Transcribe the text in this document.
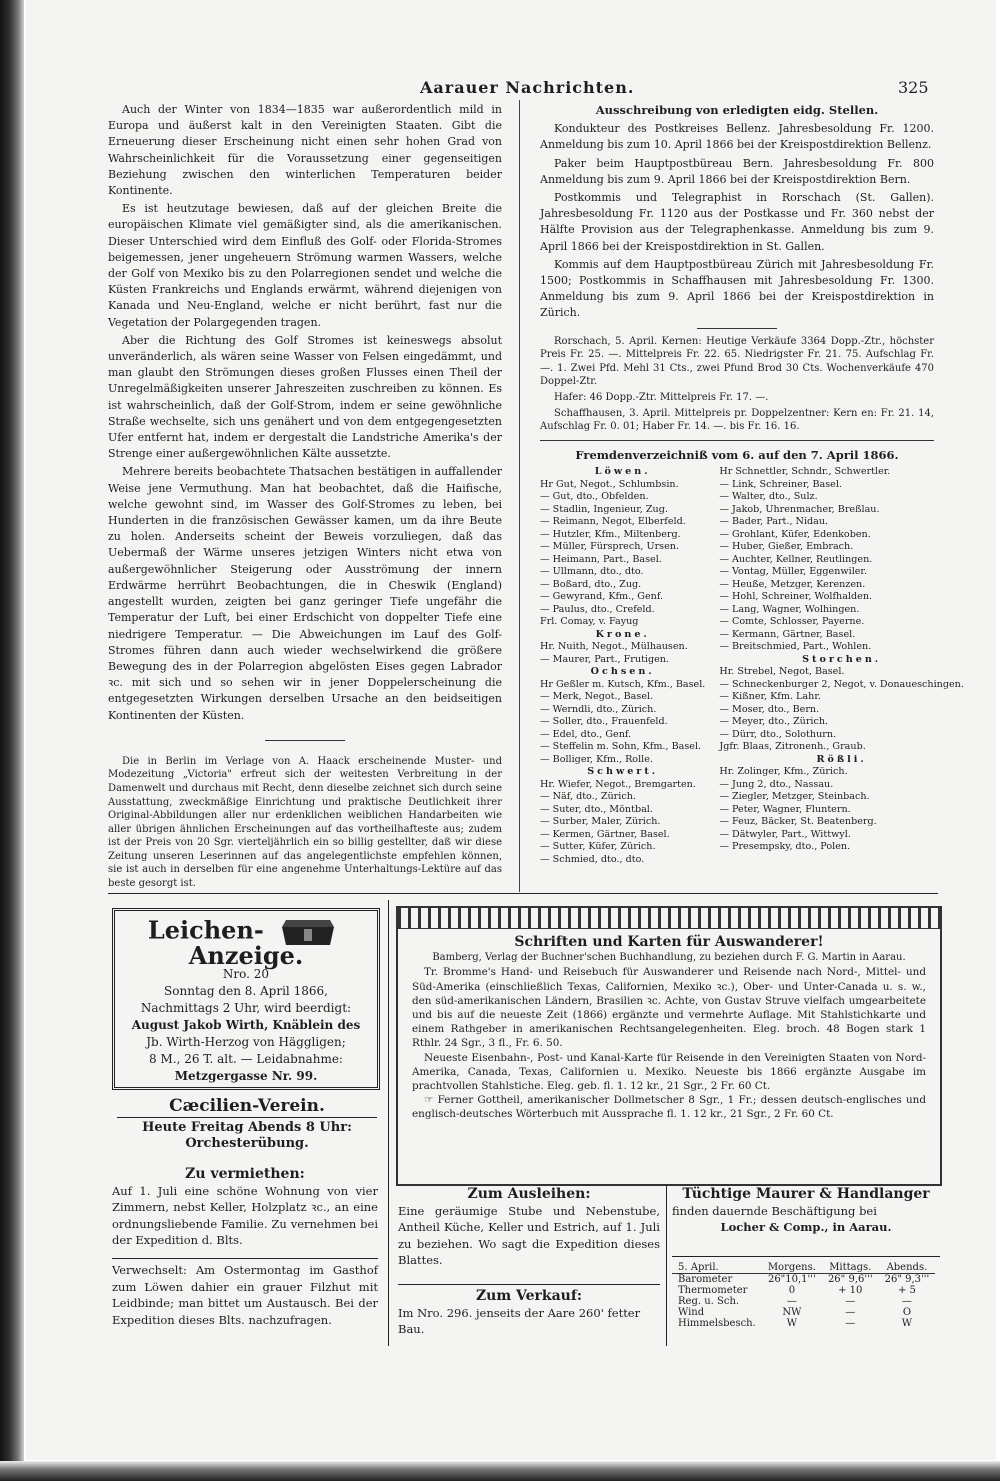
Aarauer Nachrichten.	325

Auch der Winter von 1834—1835 war außerordentlich mild in Europa und äußerst kalt in den Vereinigten Staaten. Gibt die Erneuerung dieser Erscheinung nicht einen sehr hohen Grad von Wahrscheinlichkeit für die Voraussetzung einer gegenseitigen Beziehung zwischen den winterlichen Temperaturen beider Kontinente.

Es ist heutzutage bewiesen, daß auf der gleichen Breite die europäischen Klimate viel gemäßigter sind, als die amerikanischen. Dieser Unterschied wird dem Einfluß des Golf- oder Florida-Stromes beigemessen, jener ungeheuern Strömung warmen Wassers, welche der Golf von Mexiko bis zu den Polarregionen sendet und welche die Küsten Frankreichs und Englands erwärmt, während diejenigen von Kanada und Neu-England, welche er nicht berührt, fast nur die Vegetation der Polargegenden tragen.

Aber die Richtung des Golf Stromes ist keineswegs absolut unveränderlich, als wären seine Wasser von Felsen eingedämmt, und man glaubt den Strömungen dieses großen Flusses einen Theil der Unregelmäßigkeiten unserer Jahreszeiten zuschreiben zu können. Es ist wahrscheinlich, daß der Golf-Strom, indem er seine gewöhnliche Straße wechselte, sich uns genähert und von dem entgegengesetzten Ufer entfernt hat, indem er dergestalt die Landstriche Amerika's der Strenge einer außergewöhnlichen Kälte aussetzte.

Mehrere bereits beobachtete Thatsachen bestätigen in auffallender Weise jene Vermuthung. Man hat beobachtet, daß die Haifische, welche gewohnt sind, im Wasser des Golf-Stromes zu leben, bei Hunderten in die französischen Gewässer kamen, um da ihre Beute zu holen. Anderseits scheint der Beweis vorzuliegen, daß das Uebermaß der Wärme unseres jetzigen Winters nicht etwa von außergewöhnlicher Steigerung oder Ausströmung der innern Erdwärme herrührt Beobachtungen, die in Cheswik (England) angestellt wurden, zeigten bei ganz geringer Tiefe ungefähr die Temperatur der Luft, bei einer Erdschicht von doppelter Tiefe eine niedrigere Temperatur. — Die Abweichungen im Lauf des Golf-Stromes führen dann auch wieder wechselwirkend die größere Bewegung des in der Polarregion abgelösten Eises gegen Labrador ꝛc. mit sich und so sehen wir in jener Doppelerscheinung die entgegesetzten Wirkungen derselben Ursache an den beidseitigen Kontinenten der Küsten.

Die in Berlin im Verlage von A. Haack erscheinende Muster- und Modezeitung „Victoria" erfreut sich der weitesten Verbreitung in der Damenwelt und durchaus mit Recht, denn dieselbe zeichnet sich durch seine Ausstattung, zweckmäßige Einrichtung und praktische Deutlichkeit ihrer Original-Abbildungen aller nur erdenklichen weiblichen Handarbeiten wie aller übrigen ähnlichen Erscheinungen auf das vortheilhafteste aus; zudem ist der Preis von 20 Sgr. vierteljährlich ein so billig gestellter, daß wir diese Zeitung unseren Leserinnen auf das angelegentlichste empfehlen können, sie ist auch in derselben für eine angenehme Unterhaltungs-Lektüre auf das beste gesorgt ist.

Ausschreibung von erledigten eidg. Stellen.

Kondukteur des Postkreises Bellenz. Jahresbesoldung Fr. 1200. Anmeldung bis zum 10. April 1866 bei der Kreispostdirektion Bellenz.

Paker beim Hauptpostbüreau Bern. Jahresbesoldung Fr. 800 Anmeldung bis zum 9. April 1866 bei der Kreispostdirektion Bern.

Postkommis und Telegraphist in Rorschach (St. Gallen). Jahresbesoldung Fr. 1120 aus der Postkasse und Fr. 360 nebst der Hälfte Provision aus der Telegraphenkasse. Anmeldung bis zum 9. April 1866 bei der Kreispostdirektion in St. Gallen.

Kommis auf dem Hauptpostbüreau Zürich mit Jahresbesoldung Fr. 1500; Postkommis in Schaffhausen mit Jahresbesoldung Fr. 1300. Anmeldung bis zum 9. April 1866 bei der Kreispostdirektion in Zürich.

Rorschach, 5. April. Kernen: Heutige Verkäufe 3364 Dopp.-Ztr., höchster Preis Fr. 25. —. Mittelpreis Fr. 22. 65. Niedrigster Fr. 21. 75. Aufschlag Fr. —. 1. Zwei Pfd. Mehl 31 Cts., zwei Pfund Brod 30 Cts. Wochenverkäufe 470 Doppel-Ztr.

Hafer: 46 Dopp.-Ztr. Mittelpreis Fr. 17. —.

Schaffhausen, 3. April. Mittelpreis pr. Doppelzentner: Kern en: Fr. 21. 14, Aufschlag Fr. 0. 01; Haber Fr. 14. —. bis Fr. 16. 16.

Fremdenverzeichniß vom 6. auf den 7. April 1866.
Löwen.
Hr Gut, Negot., Schlumbsin.
— Gut, dto., Obfelden.
— Stadlin, Ingenieur, Zug.
— Reimann, Negot, Elberfeld.
— Hutzler, Kfm., Miltenberg.
— Müller, Fürsprech, Ursen.
— Heimann, Part., Basel.
— Ullmann, dto., dto.
— Boßard, dto., Zug.
— Gewyrand, Kfm., Genf.
— Paulus, dto., Crefeld.
Frl. Comay, v. Fayug
Krone.
Hr. Nuith, Negot., Mülhausen.
— Maurer, Part., Frutigen.
Ochsen.
Hr Geßler m. Kutsch, Kfm., Basel.
— Merk, Negot., Basel.
— Werndli, dto., Zürich.
— Soller, dto., Frauenfeld.
— Edel, dto., Genf.
— Steffelin m. Sohn, Kfm., Basel.
— Bolliger, Kfm., Rolle.
Schwert.
Hr. Wiefer, Negot., Bremgarten.
— Näf, dto., Zürich.
— Suter, dto., Möntbal.
— Surber, Maler, Zürich.
— Kermen, Gärtner, Basel.
— Sutter, Küfer, Zürich.
— Schmied, dto., dto.
Hr Schnettler, Schndr., Schwertler.
— Link, Schreiner, Basel.
— Walter, dto., Sulz.
— Jakob, Uhrenmacher, Breßlau.
— Bader, Part., Nidau.
— Grohlant, Küfer, Edenkoben.
— Huber, Gießer, Embrach.
— Auchter, Kellner, Reutlingen.
— Vontag, Müller, Eggenwiler.
— Heuße, Metzger, Kerenzen.
— Hohl, Schreiner, Wolfhalden.
— Lang, Wagner, Wolhingen.
— Comte, Schlosser, Payerne.
— Kermann, Gärtner, Basel.
— Breitschmied, Part., Wohlen.
Storchen.
Hr. Strebel, Negot, Basel.
— Schneckenburger 2, Negot, v. Donaueschingen.
— Kißner, Kfm. Lahr.
— Moser, dto., Bern.
— Meyer, dto., Zürich.
— Dürr, dto., Solothurn.
Jgfr. Blaas, Zitronenh., Graub.
Rößli.
Hr. Zolinger, Kfm., Zürich.
— Jung 2, dto., Nassau.
— Ziegler, Metzger, Steinbach.
— Peter, Wagner, Fluntern.
— Feuz, Bäcker, St. Beatenberg.
— Dätwyler, Part., Wittwyl.
— Presempsky, dto., Polen.
Leichen-  Anzeige.
Nro. 20
Sonntag den 8. April 1866,
Nachmittags 2 Uhr, wird beerdigt:
August Jakob Wirth, Knäblein des
Jb. Wirth-Herzog von Häggligen;
8 M., 26 T. alt. — Leidabnahme:
Metzgergasse Nr. 99.
Cæcilien-Verein.
Heute Freitag Abends 8 Uhr:
Orchesterübung.
Zu vermiethen:
Auf 1. Juli eine schöne Wohnung von vier Zimmern, nebst Keller, Holzplatz ꝛc., an eine ordnungsliebende Familie. Zu vernehmen bei der Expedition d. Blts.
Verwechselt: Am Ostermontag im Gasthof zum Löwen dahier ein grauer Filzhut mit Leidbinde; man bittet um Austausch. Bei der Expedition dieses Blts. nachzufragen.
Schriften und Karten für Auswanderer!
Bamberg, Verlag der Buchner'schen Buchhandlung, zu beziehen durch F. G. Martin in Aarau.
Tr. Bromme's Hand- und Reisebuch für Auswanderer und Reisende nach Nord-, Mittel- und Süd-Amerika (einschließlich Texas, Californien, Mexiko ꝛc.), Ober- und Unter-Canada u. s. w., den süd-amerikanischen Ländern, Brasilien ꝛc. Achte, von Gustav Struve vielfach umgearbeitete und bis auf die neueste Zeit (1866) ergänzte und vermehrte Auflage. Mit Stahlstichkarte und einem Rathgeber in amerikanischen Rechtsangelegenheiten. Eleg. broch. 48 Bogen stark 1 Rthlr. 24 Sgr., 3 fl., Fr. 6. 50.
Neueste Eisenbahn-, Post- und Kanal-Karte für Reisende in den Vereinigten Staaten von Nord-Amerika, Canada, Texas, Californien u. Mexiko. Neueste bis 1866 ergänzte Ausgabe im prachtvollen Stahlstiche. Eleg. geb. fl. 1. 12 kr., 21 Sgr., 2 Fr. 60 Ct.
☞ Ferner Gottheil, amerikanischer Dollmetscher 8 Sgr., 1 Fr.; dessen deutsch-englisches und englisch-deutsches Wörterbuch mit Aussprache fl. 1. 12 kr., 21 Sgr., 2 Fr. 60 Ct.
Zum Ausleihen:
Eine geräumige Stube und Nebenstube, Antheil Küche, Keller und Estrich, auf 1. Juli zu beziehen. Wo sagt die Expedition dieses Blattes.
Zum Verkauf:
Im Nro. 296. jenseits der Aare 260' fetter Bau.
Tüchtige Maurer & Handlanger
finden dauernde Beschäftigung bei
Locher & Comp., in Aarau.
5. April.	Morgens.	Mittags.	Abends.
Barometer	26"10,1'''	26" 9,6'''	26" 9,3'''
Thermometer	0	+ 10	+ 5
Reg. u. Sch.	—	—	—
Wind	NW	—	O
Himmelsbesch.	W	—	W
